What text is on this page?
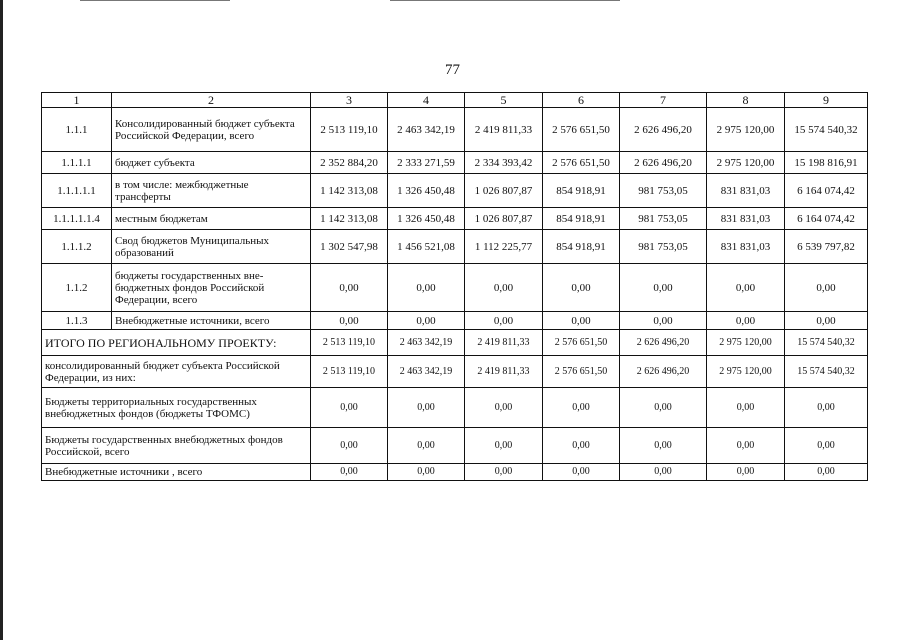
77
1	2	3	4	5	6	7	8	9
1.1.1	Консолидированный бюджет субъекта Российской Федерации, всего	2 513 119,10	2 463 342,19	2 419 811,33	2 576 651,50	2 626 496,20	2 975 120,00	15 574 540,32
1.1.1.1	бюджет субъекта	2 352 884,20	2 333 271,59	2 334 393,42	2 576 651,50	2 626 496,20	2 975 120,00	15 198 816,91
1.1.1.1.1	в том числе: межбюджетные трансферты	1 142 313,08	1 326 450,48	1 026 807,87	854 918,91	981 753,05	831 831,03	6 164 074,42
1.1.1.1.1.4	местным бюджетам	1 142 313,08	1 326 450,48	1 026 807,87	854 918,91	981 753,05	831 831,03	6 164 074,42
1.1.1.2	Свод бюджетов Муниципальных образований	1 302 547,98	1 456 521,08	1 112 225,77	854 918,91	981 753,05	831 831,03	6 539 797,82
1.1.2	бюджеты государственных вне-бюджетных фондов Российской Федерации, всего	0,00	0,00	0,00	0,00	0,00	0,00	0,00
1.1.3	Внебюджетные источники, всего	0,00	0,00	0,00	0,00	0,00	0,00	0,00
ИТОГО ПО РЕГИОНАЛЬНОМУ ПРОЕКТУ:		2 513 119,10	2 463 342,19	2 419 811,33	2 576 651,50	2 626 496,20	2 975 120,00	15 574 540,32
консолидированный бюджет субъекта Российской Федерации, из них:		2 513 119,10	2 463 342,19	2 419 811,33	2 576 651,50	2 626 496,20	2 975 120,00	15 574 540,32
Бюджеты территориальных государственных внебюджетных фондов (бюджеты ТФОМС)		0,00	0,00	0,00	0,00	0,00	0,00	0,00
Бюджеты государственных внебюджетных фондов Российской, всего		0,00	0,00	0,00	0,00	0,00	0,00	0,00
Внебюджетные источники , всего		0,00	0,00	0,00	0,00	0,00	0,00	0,00
